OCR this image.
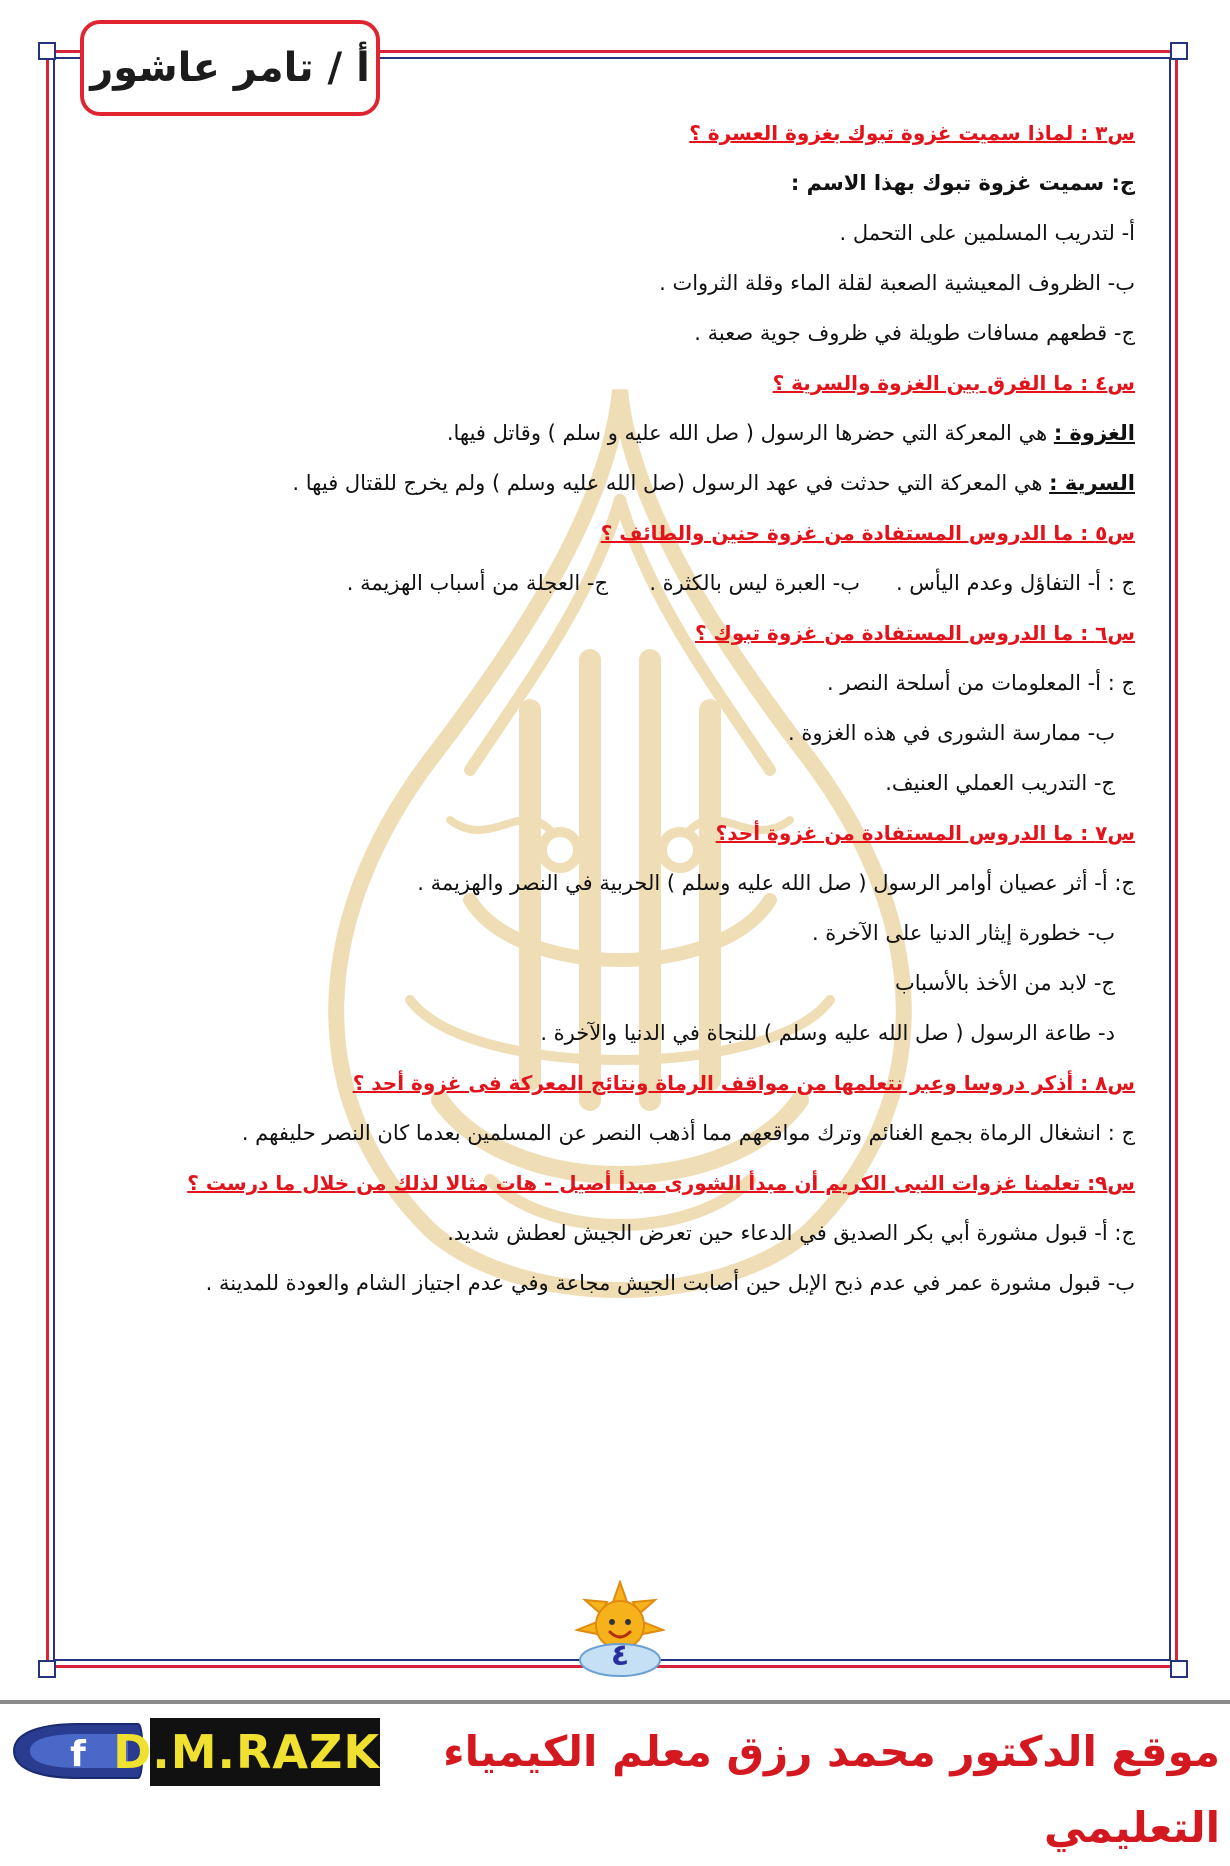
أ / تامر عاشور
س٣ : لماذا سميت غزوة تبوك بغزوة العسرة ؟
ج: سميت غزوة تبوك بهذا الاسم :
أ- لتدريب المسلمين على التحمل .
ب- الظروف المعيشية الصعبة لقلة الماء وقلة الثروات .
ج- قطعهم مسافات طويلة في ظروف جوية صعبة .
س٤ : ما الفرق بين الغزوة والسرية ؟
الغزوة : هي المعركة التي حضرها الرسول ( صل الله عليه و سلم ) وقاتل فيها.
السرية : هي المعركة التي حدثت في عهد الرسول (صل الله عليه وسلم ) ولم يخرج للقتال فيها .
س٥ : ما الدروس المستفادة من غزوة حنين والطائف ؟
ج : أ- التفاؤل وعدم اليأس .
ب- العبرة ليس بالكثرة .
ج- العجلة من أسباب الهزيمة .
س٦ : ما الدروس المستفادة من غزوة تبوك ؟
ج : أ- المعلومات من أسلحة النصر .
ب- ممارسة الشورى في هذه الغزوة .
ج- التدريب العملي العنيف.
س٧ : ما الدروس المستفادة من غزوة أحد؟
ج: أ- أثر عصيان أوامر الرسول ( صل الله عليه وسلم ) الحربية في النصر والهزيمة .
ب- خطورة إيثار الدنيا على الآخرة .
ج- لابد من الأخذ بالأسباب
د- طاعة الرسول ( صل الله عليه وسلم ) للنجاة في الدنيا والآخرة .
س٨ : أذكر دروسا وعبر نتعلمها من مواقف الرماة ونتائج المعركة فى غزوة أحد ؟
ج : انشغال الرماة بجمع الغنائم وترك مواقعهم مما أذهب النصر عن المسلمين بعدما كان النصر حليفهم .
س٩: تعلمنا غزوات النبى الكريم أن مبدأ الشورى مبدأ أصيل - هات مثالا لذلك من خلال ما درست ؟
ج: أ- قبول مشورة أبي بكر الصديق في الدعاء حين تعرض الجيش لعطش شديد.
ب- قبول مشورة عمر في عدم ذبح الإبل حين أصابت الجيش مجاعة وفي عدم اجتياز الشام والعودة للمدينة .
٤
f D.M.RAZK	موقع الدكتور محمد رزق معلم الكيمياء التعليمي
